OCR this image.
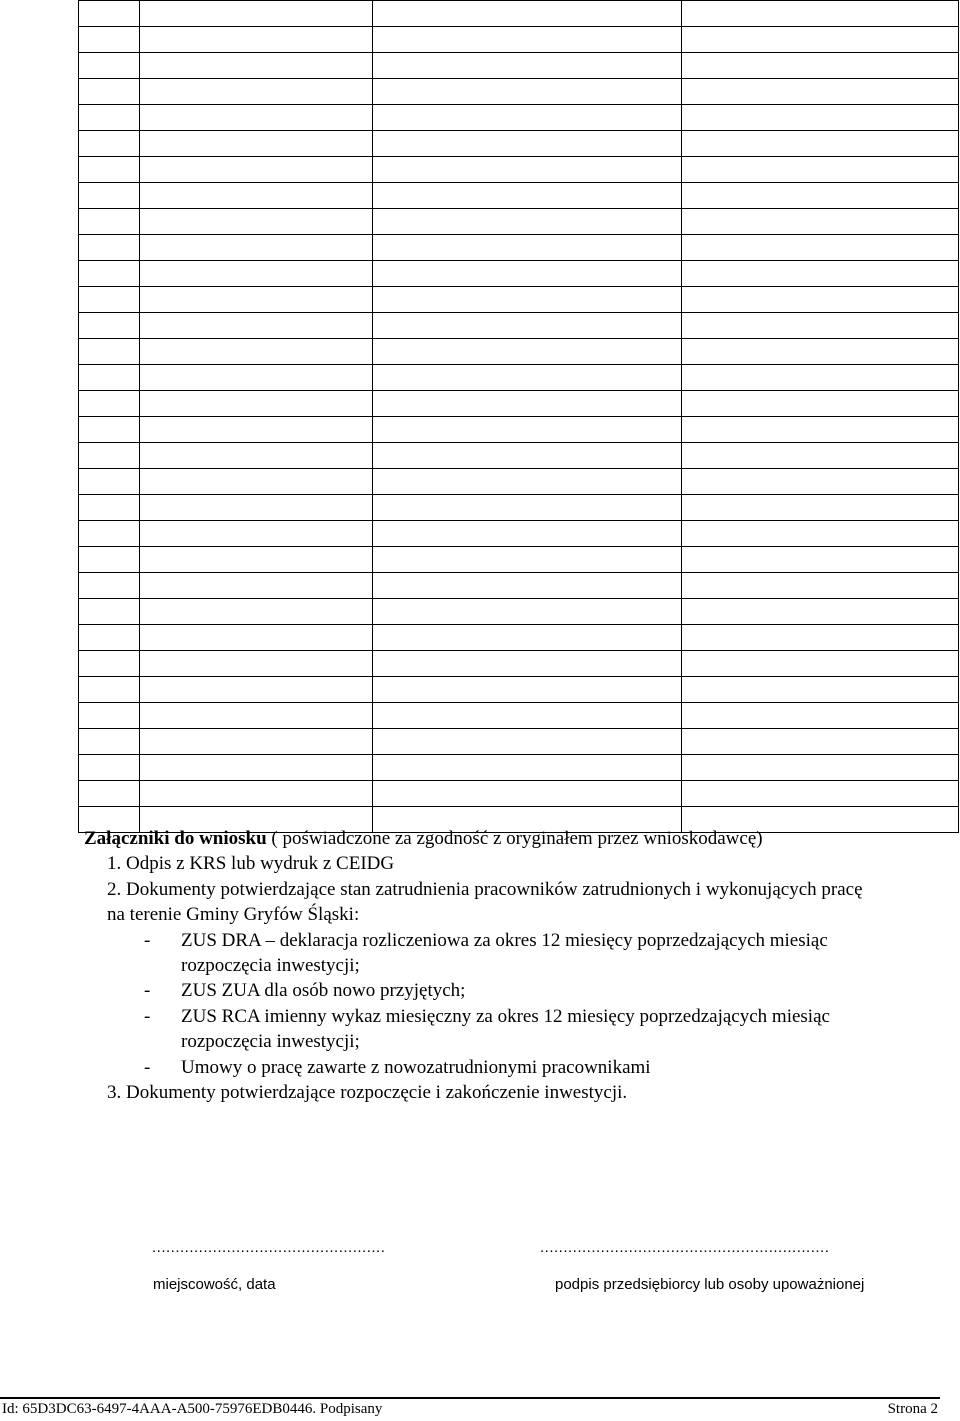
Załączniki do wniosku ( poświadczone za zgodność z oryginałem przez wnioskodawcę)
1. Odpis z KRS lub wydruk z CEIDG
2. Dokumenty potwierdzające stan zatrudnienia pracowników zatrudnionych i wykonujących pracę
na terenie Gminy Gryfów Śląski:
- ZUS DRA – deklaracja rozliczeniowa za okres 12 miesięcy poprzedzających miesiąc
rozpoczęcia inwestycji;
- ZUS ZUA dla osób nowo przyjętych;
- ZUS RCA imienny wykaz miesięczny za okres 12 miesięcy poprzedzających miesiąc
rozpoczęcia inwestycji;
- Umowy o pracę zawarte z nowozatrudnionymi pracownikami
3. Dokumenty potwierdzające rozpoczęcie i zakończenie inwestycji.
..................................................
miejscowość, data
..............................................................
podpis przedsiębiorcy lub osoby upoważnionej
Id: 65D3DC63-6497-4AAA-A500-75976EDB0446. Podpisany	Strona 2
